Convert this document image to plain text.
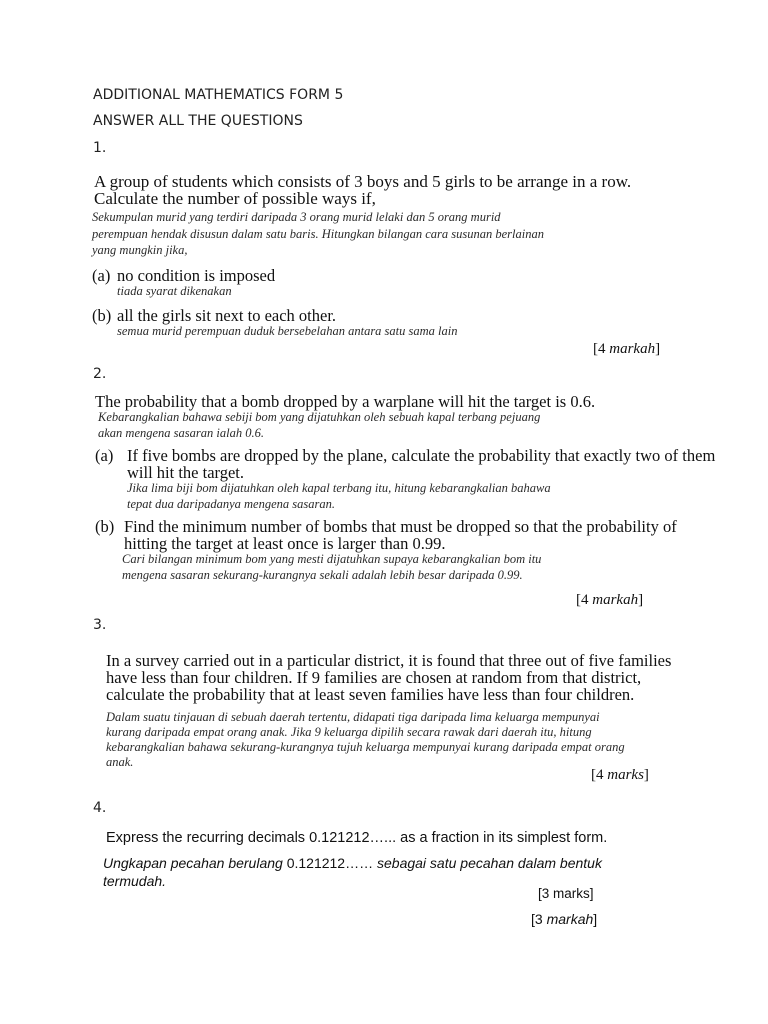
ADDITIONAL MATHEMATICS FORM 5
ANSWER ALL THE QUESTIONS
1.
A group of students which consists of 3 boys and 5 girls to be arrange in a row.
Calculate the number of possible ways if,
Sekumpulan murid yang terdiri daripada 3 orang murid lelaki dan 5 orang murid
perempuan hendak disusun dalam satu baris. Hitungkan bilangan cara susunan berlainan
yang mungkin jika,
(a) no condition is imposed
tiada syarat dikenakan
(b) all the girls sit next to each other.
semua murid perempuan duduk bersebelahan antara satu sama lain
[4 markah]
2.
The probability that a bomb dropped by a warplane will hit the target is 0.6.
Kebarangkalian bahawa sebiji bom yang dijatuhkan oleh sebuah kapal terbang pejuang
akan mengena sasaran ialah 0.6.
(a) If five bombs are dropped by the plane, calculate the probability that exactly two of them
will hit the target.
Jika lima biji bom dijatuhkan oleh kapal terbang itu, hitung kebarangkalian bahawa
tepat dua daripadanya mengena sasaran.
(b) Find the minimum number of bombs that must be dropped so that the probability of
hitting the target at least once is larger than 0.99.
Cari bilangan minimum bom yang mesti dijatuhkan supaya kebarangkalian bom itu
mengena sasaran sekurang-kurangnya sekali adalah lebih besar daripada 0.99.
[4 markah]
3.
In a survey carried out in a particular district, it is found that three out of five families
have less than four children. If 9 families are chosen at random from that district,
calculate the probability that at least seven families have less than four children.
Dalam suatu tinjauan di sebuah daerah tertentu, didapati tiga daripada lima keluarga mempunyai
kurang daripada empat orang anak. Jika 9 keluarga dipilih secara rawak dari daerah itu, hitung
kebarangkalian bahawa sekurang-kurangnya tujuh keluarga mempunyai kurang daripada empat orang
anak.
[4 marks]
4.
Express the recurring decimals 0.121212…... as a fraction in its simplest form.
Ungkapan pecahan berulang 0.121212…… sebagai satu pecahan dalam bentuk
termudah.
[3 marks]
[3 markah]
